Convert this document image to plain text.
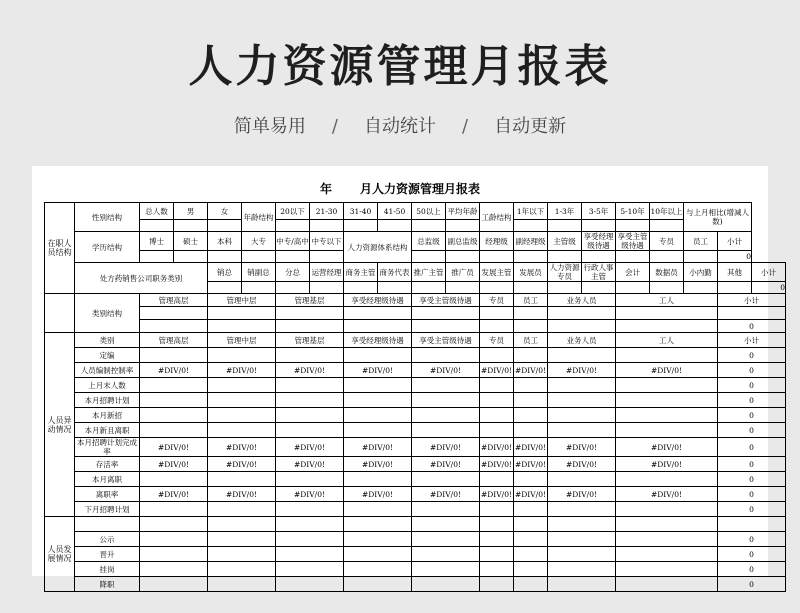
人力资源管理月报表
简单易用 / 自动统计 / 自动更新
年 月人力资源管理月报表
在职人员结构	性别结构	总人数	男	女	年龄结构	20以下	21-30	31-40	41-50	50以上	平均年龄	工龄结构	1年以下	1-3年	3-5年	5-10年	10年以上	与上月相比(增减人数)		

	学历结构	博士	硕士	本科	大专	中专/高中	中专以下	人力资源体系结构		总监级	副总监级	经理级	副经理级	主管级	享受经理级待遇	享受主管级待遇	专员	员工	小计	
																			0	
	处方药销售公司职务类别			销总	销副总	分总	运营经理	商务主管	商务代表	推广主管	推广员	发展主管	发展员	人力资源专员	行政人事主管	会计	数据员	小内勤	其他	小计
																				0
	类别结构	管理高层		管理中层		管理基层		享受经理级待遇		享受主管级待遇		专员	员工	业务人员		工人			小计	

																			0	
人员异动情况	类别	管理高层		管理中层		管理基层		享受经理级待遇		享受主管级待遇		专员	员工	业务人员		工人			小计	
	定编																		0	
	人员编制控制率	#DIV/0!		#DIV/0!		#DIV/0!		#DIV/0!		#DIV/0!		#DIV/0!	#DIV/0!	#DIV/0!		#DIV/0!			0	
	上月末人数																		0	
	本月招聘计划																		0	
	本月新招																		0	
	本月新且离职																		0	
	本月招聘计划完成率	#DIV/0!		#DIV/0!		#DIV/0!		#DIV/0!		#DIV/0!		#DIV/0!	#DIV/0!	#DIV/0!		#DIV/0!			0	
	存活率	#DIV/0!		#DIV/0!		#DIV/0!		#DIV/0!		#DIV/0!		#DIV/0!	#DIV/0!	#DIV/0!		#DIV/0!			0	
	本月离职																		0	
	离职率	#DIV/0!		#DIV/0!		#DIV/0!		#DIV/0!		#DIV/0!		#DIV/0!	#DIV/0!	#DIV/0!		#DIV/0!			0	
	下月招聘计划																		0	
人员发展情况																				
	公示																		0	
	晋升																		0	
	挂岗																		0	
	降职																		0	
